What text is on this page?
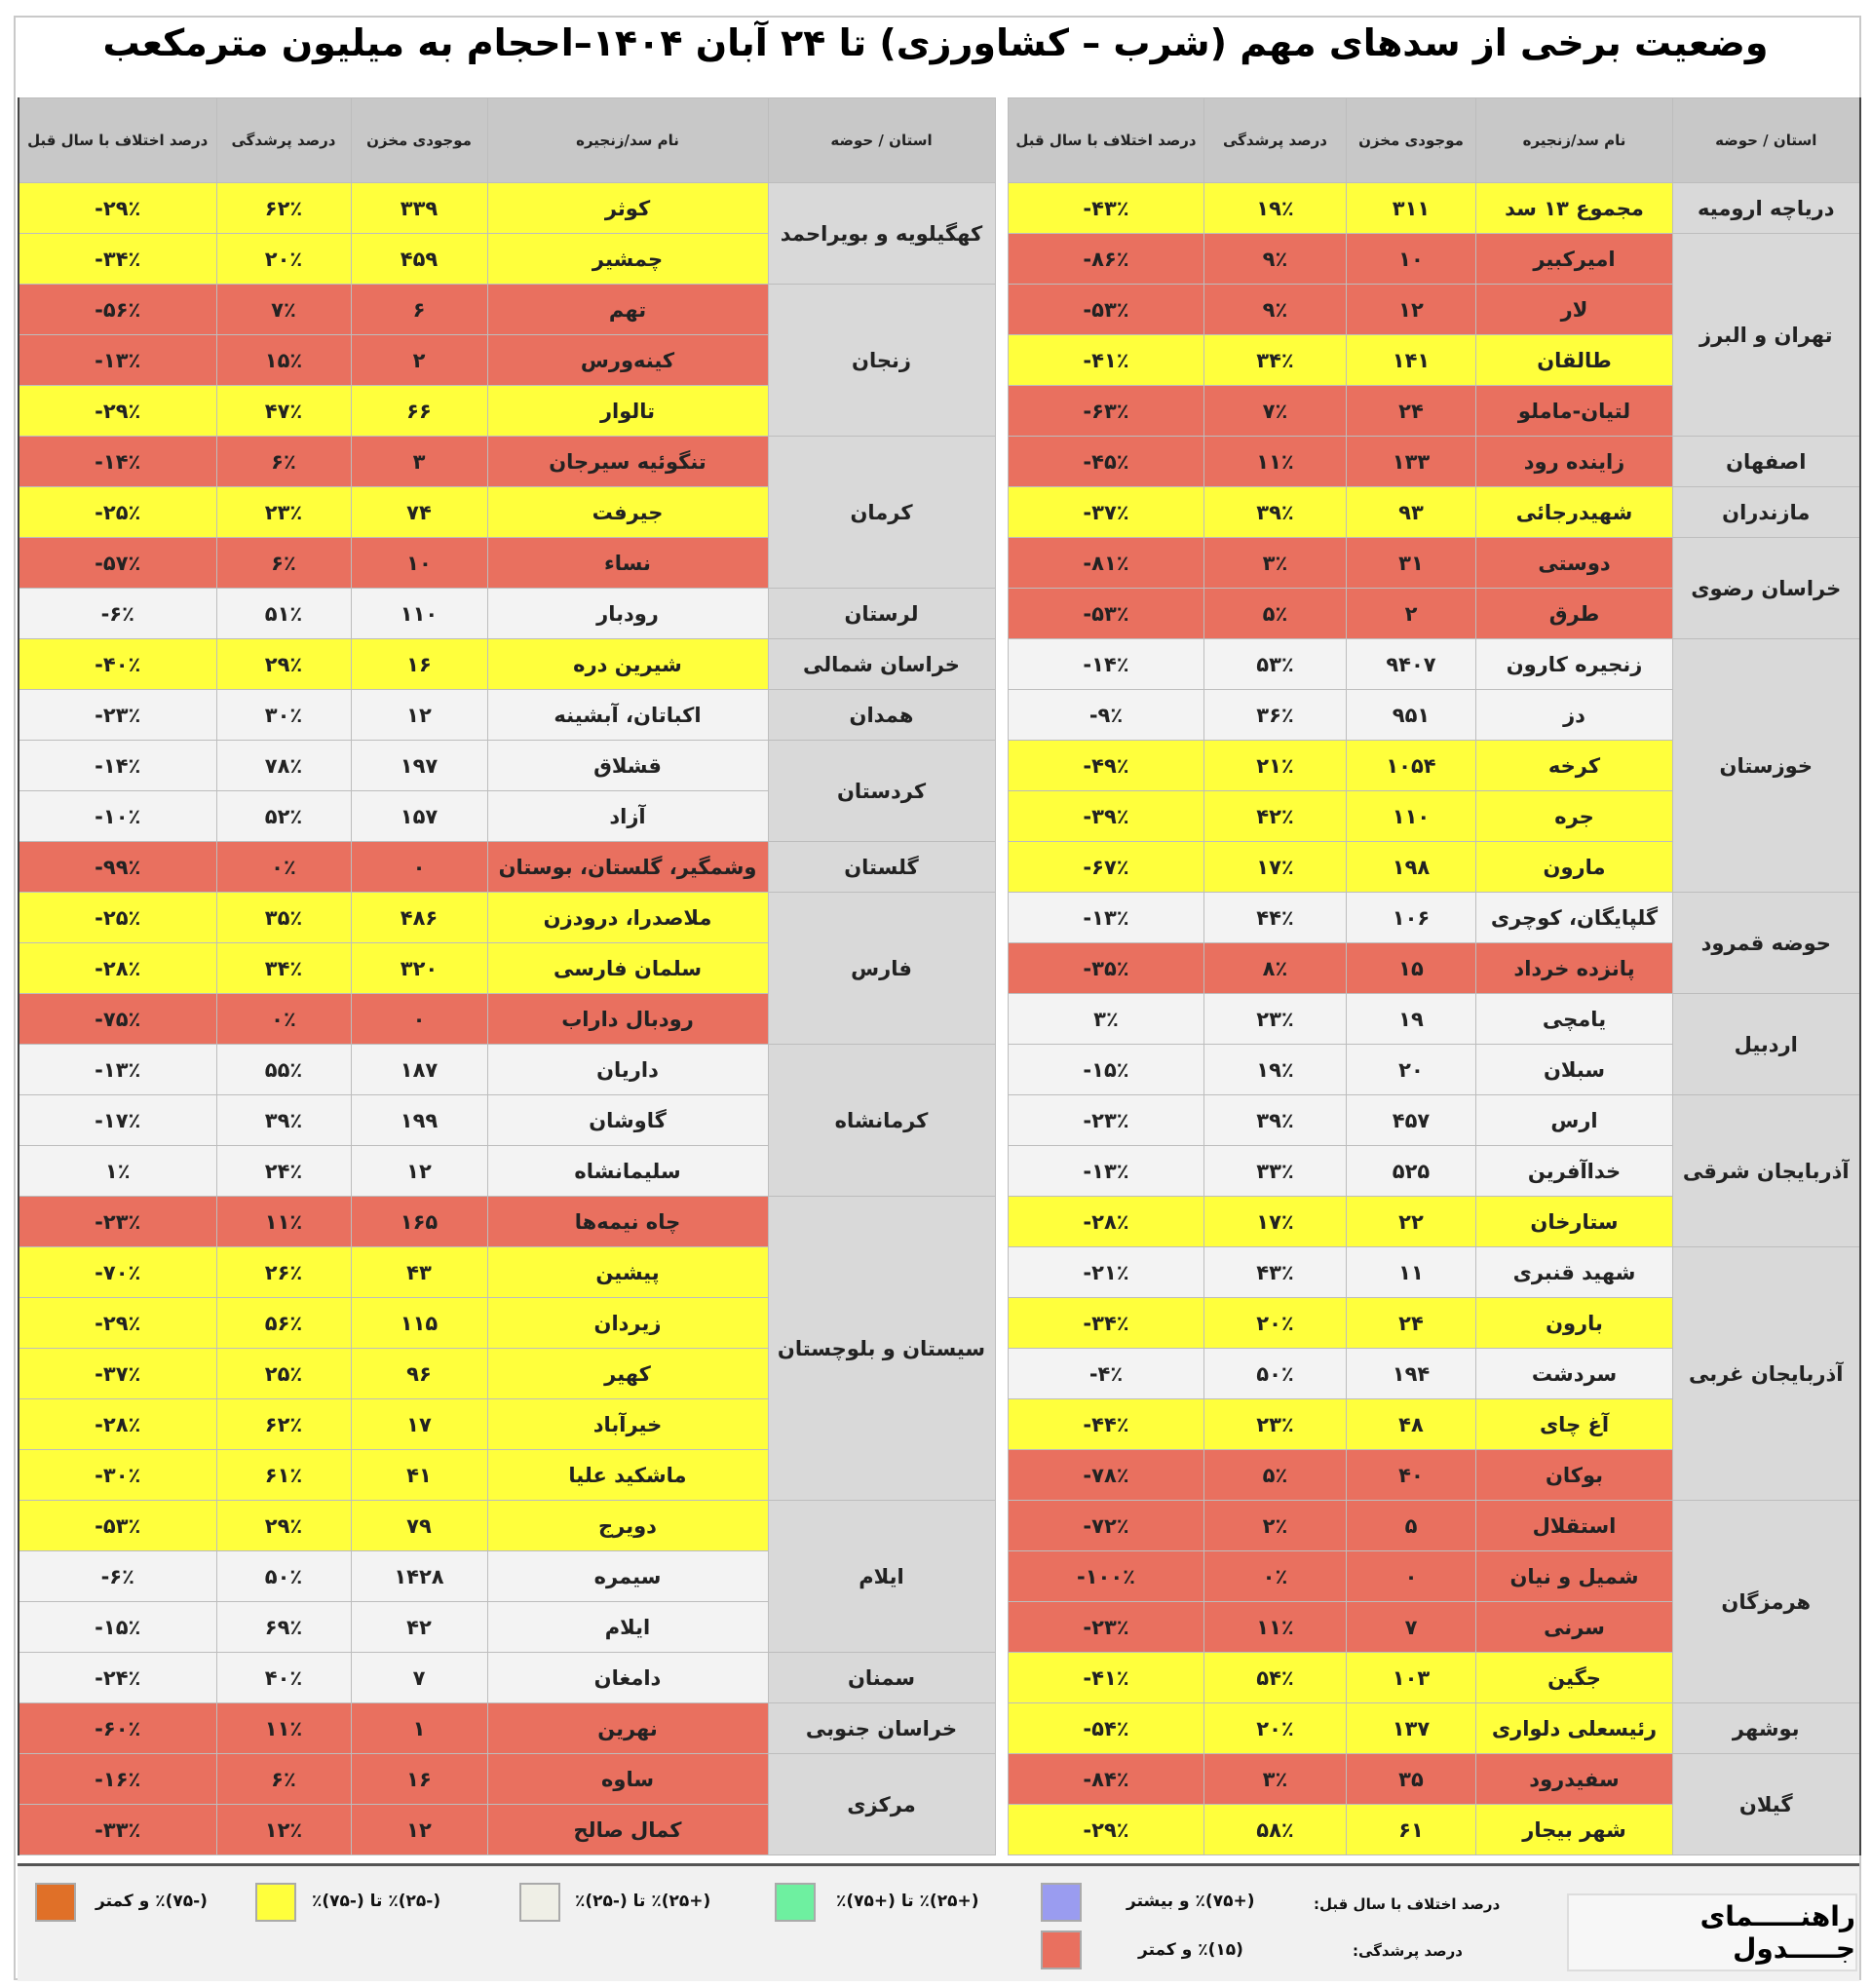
وضعیت برخی از سدهای مهم (شرب – کشاورزی) تا ۲۴ آبان ۱۴۰۴–احجام به میلیون مترمکعب
استان / حوضه	نام سد/زنجیره	موجودی مخزن	درصد پرشدگی	درصد اختلاف با سال قبل
دریاچه ارومیه	مجموع ۱۳ سد	۳۱۱	۱۹٪	-۴۳٪
تهران و البرز	امیرکبیر	۱۰	۹٪	-۸۶٪
	لار	۱۲	۹٪	-۵۳٪
	طالقان	۱۴۱	۳۴٪	-۴۱٪
	لتیان-ماملو	۲۴	۷٪	-۶۳٪
اصفهان	زاینده رود	۱۳۳	۱۱٪	-۴۵٪
مازندران	شهیدرجائی	۹۳	۳۹٪	-۳۷٪
خراسان رضوی	دوستی	۳۱	۳٪	-۸۱٪
	طرق	۲	۵٪	-۵۳٪
خوزستان	زنجیره کارون	۹۴۰۷	۵۳٪	-۱۴٪
	دز	۹۵۱	۳۶٪	-۹٪
	کرخه	۱۰۵۴	۲۱٪	-۴۹٪
	جره	۱۱۰	۴۲٪	-۳۹٪
	مارون	۱۹۸	۱۷٪	-۶۷٪
حوضه قمرود	گلپایگان، کوچری	۱۰۶	۴۴٪	-۱۳٪
	پانزده خرداد	۱۵	۸٪	-۳۵٪
اردبیل	یامچی	۱۹	۲۳٪	۳٪
	سبلان	۲۰	۱۹٪	-۱۵٪
آذربایجان شرقی	ارس	۴۵۷	۳۹٪	-۲۳٪
	خداآفرین	۵۲۵	۳۳٪	-۱۳٪
	ستارخان	۲۲	۱۷٪	-۲۸٪
آذربایجان غربی	شهید قنبری	۱۱	۴۳٪	-۲۱٪
	بارون	۲۴	۲۰٪	-۳۴٪
	سردشت	۱۹۴	۵۰٪	-۴٪
	آغ چای	۴۸	۲۳٪	-۴۴٪
	بوکان	۴۰	۵٪	-۷۸٪
هرمزگان	استقلال	۵	۲٪	-۷۲٪
	شمیل و نیان	۰	۰٪	-۱۰۰٪
	سرنی	۷	۱۱٪	-۲۳٪
	جگین	۱۰۳	۵۴٪	-۴۱٪
بوشهر	رئیسعلی دلواری	۱۳۷	۲۰٪	-۵۴٪
گیلان	سفیدرود	۳۵	۳٪	-۸۴٪
	شهر بیجار	۶۱	۵۸٪	-۲۹٪
استان / حوضه	نام سد/زنجیره	موجودی مخزن	درصد پرشدگی	درصد اختلاف با سال قبل
کهگیلویه و بویراحمد	کوثر	۳۳۹	۶۲٪	-۲۹٪
	چمشیر	۴۵۹	۲۰٪	-۳۴٪
زنجان	تهم	۶	۷٪	-۵۶٪
	کینه‌ورس	۲	۱۵٪	-۱۳٪
	تالوار	۶۶	۴۷٪	-۲۹٪
کرمان	تنگوئیه سیرجان	۳	۶٪	-۱۴٪
	جیرفت	۷۴	۲۳٪	-۲۵٪
	نساء	۱۰	۶٪	-۵۷٪
لرستان	رودبار	۱۱۰	۵۱٪	-۶٪
خراسان شمالی	شیرین دره	۱۶	۲۹٪	-۴۰٪
همدان	اکباتان، آبشینه	۱۲	۳۰٪	-۲۳٪
کردستان	قشلاق	۱۹۷	۷۸٪	-۱۴٪
	آزاد	۱۵۷	۵۲٪	-۱۰٪
گلستان	وشمگیر، گلستان، بوستان	۰	۰٪	-۹۹٪
فارس	ملاصدرا، درودزن	۴۸۶	۳۵٪	-۲۵٪
	سلمان فارسی	۳۲۰	۳۴٪	-۲۸٪
	رودبال داراب	۰	۰٪	-۷۵٪
کرمانشاه	داریان	۱۸۷	۵۵٪	-۱۳٪
	گاوشان	۱۹۹	۳۹٪	-۱۷٪
	سلیمانشاه	۱۲	۲۴٪	۱٪
سیستان و بلوچستان	چاه نیمه‌ها	۱۶۵	۱۱٪	-۲۳٪
	پیشین	۴۳	۲۶٪	-۷۰٪
	زیردان	۱۱۵	۵۶٪	-۲۹٪
	کهیر	۹۶	۲۵٪	-۳۷٪
	خیرآباد	۱۷	۶۲٪	-۲۸٪
	ماشکید علیا	۴۱	۶۱٪	-۳۰٪
ایلام	دویرج	۷۹	۲۹٪	-۵۳٪
	سیمره	۱۴۲۸	۵۰٪	-۶٪
	ایلام	۴۲	۶۹٪	-۱۵٪
سمنان	دامغان	۷	۴۰٪	-۲۴٪
خراسان جنوبی	نهرین	۱	۱۱٪	-۶۰٪
مرکزی	ساوه	۱۶	۶٪	-۱۶٪
	کمال صالح	۱۲	۱۲٪	-۳۳٪
راهنـــــمای جـــــدول
درصد اختلاف با سال قبل:
درصد پرشدگی:
(+۷۵)٪ و بیشتر
(۱۵)٪ و کمتر
(+۲۵)٪ تا (+۷۵)٪
(+۲۵)٪ تا (-۲۵)٪
(-۲۵)٪ تا (-۷۵)٪
(-۷۵)٪ و کمتر
